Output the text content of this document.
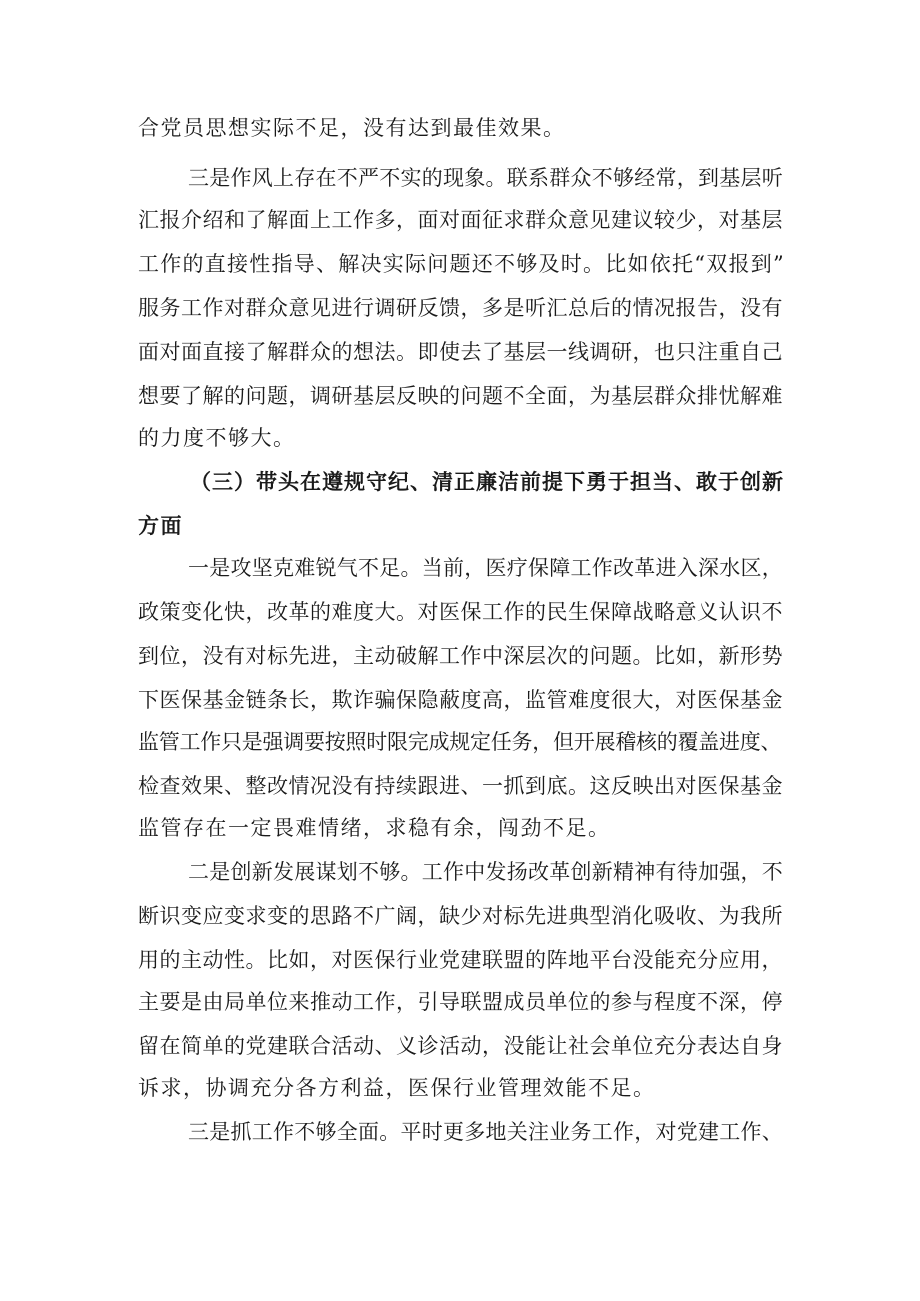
合党员思想实际不足，没有达到最佳效果。
三是作风上存在不严不实的现象。联系群众不够经常，到基层听
汇报介绍和了解面上工作多，面对面征求群众意见建议较少，对基层
工作的直接性指导、解决实际问题还不够及时。比如依托“双报到”
服务工作对群众意见进行调研反馈，多是听汇总后的情况报告，没有
面对面直接了解群众的想法。即使去了基层一线调研，也只注重自己
想要了解的问题，调研基层反映的问题不全面，为基层群众排忧解难
的力度不够大。
（三）带头在遵规守纪、清正廉洁前提下勇于担当、敢于创新
方面
一是攻坚克难锐气不足。当前，医疗保障工作改革进入深水区，
政策变化快，改革的难度大。对医保工作的民生保障战略意义认识不
到位，没有对标先进，主动破解工作中深层次的问题。比如，新形势
下医保基金链条长，欺诈骗保隐蔽度高，监管难度很大，对医保基金
监管工作只是强调要按照时限完成规定任务，但开展稽核的覆盖进度、
检查效果、整改情况没有持续跟进、一抓到底。这反映出对医保基金
监管存在一定畏难情绪，求稳有余，闯劲不足。
二是创新发展谋划不够。工作中发扬改革创新精神有待加强，不
断识变应变求变的思路不广阔，缺少对标先进典型消化吸收、为我所
用的主动性。比如，对医保行业党建联盟的阵地平台没能充分应用，
主要是由局单位来推动工作，引导联盟成员单位的参与程度不深，停
留在简单的党建联合活动、义诊活动，没能让社会单位充分表达自身
诉求，协调充分各方利益，医保行业管理效能不足。
三是抓工作不够全面。平时更多地关注业务工作，对党建工作、
